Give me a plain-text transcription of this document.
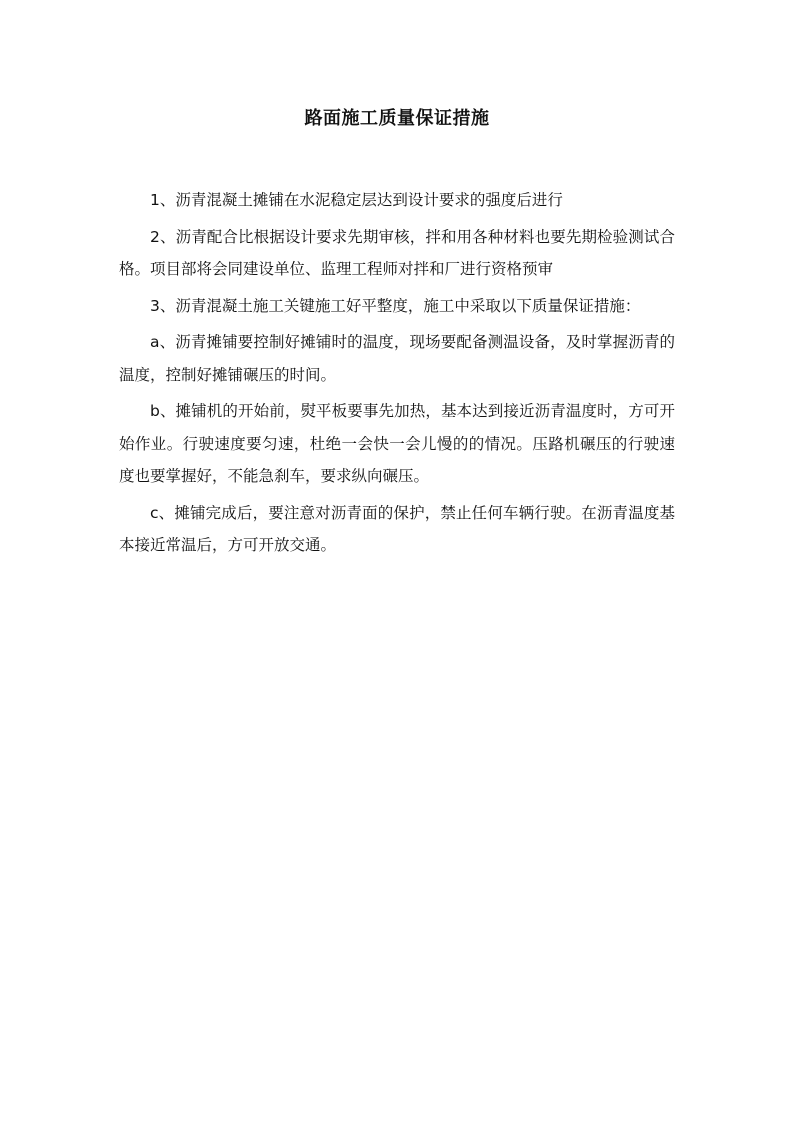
路面施工质量保证措施

1、沥青混凝土摊铺在水泥稳定层达到设计要求的强度后进行

2、沥青配合比根据设计要求先期审核，拌和用各种材料也要先期检验测试合格。项目部将会同建设单位、监理工程师对拌和厂进行资格预审

3、沥青混凝土施工关键施工好平整度，施工中采取以下质量保证措施：

a、沥青摊铺要控制好摊铺时的温度，现场要配备测温设备，及时掌握沥青的温度，控制好摊铺碾压的时间。

b、摊铺机的开始前，熨平板要事先加热，基本达到接近沥青温度时，方可开始作业。行驶速度要匀速，杜绝一会快一会儿慢的的情况。压路机碾压的行驶速度也要掌握好，不能急刹车，要求纵向碾压。

c、摊铺完成后，要注意对沥青面的保护，禁止任何车辆行驶。在沥青温度基本接近常温后，方可开放交通。
